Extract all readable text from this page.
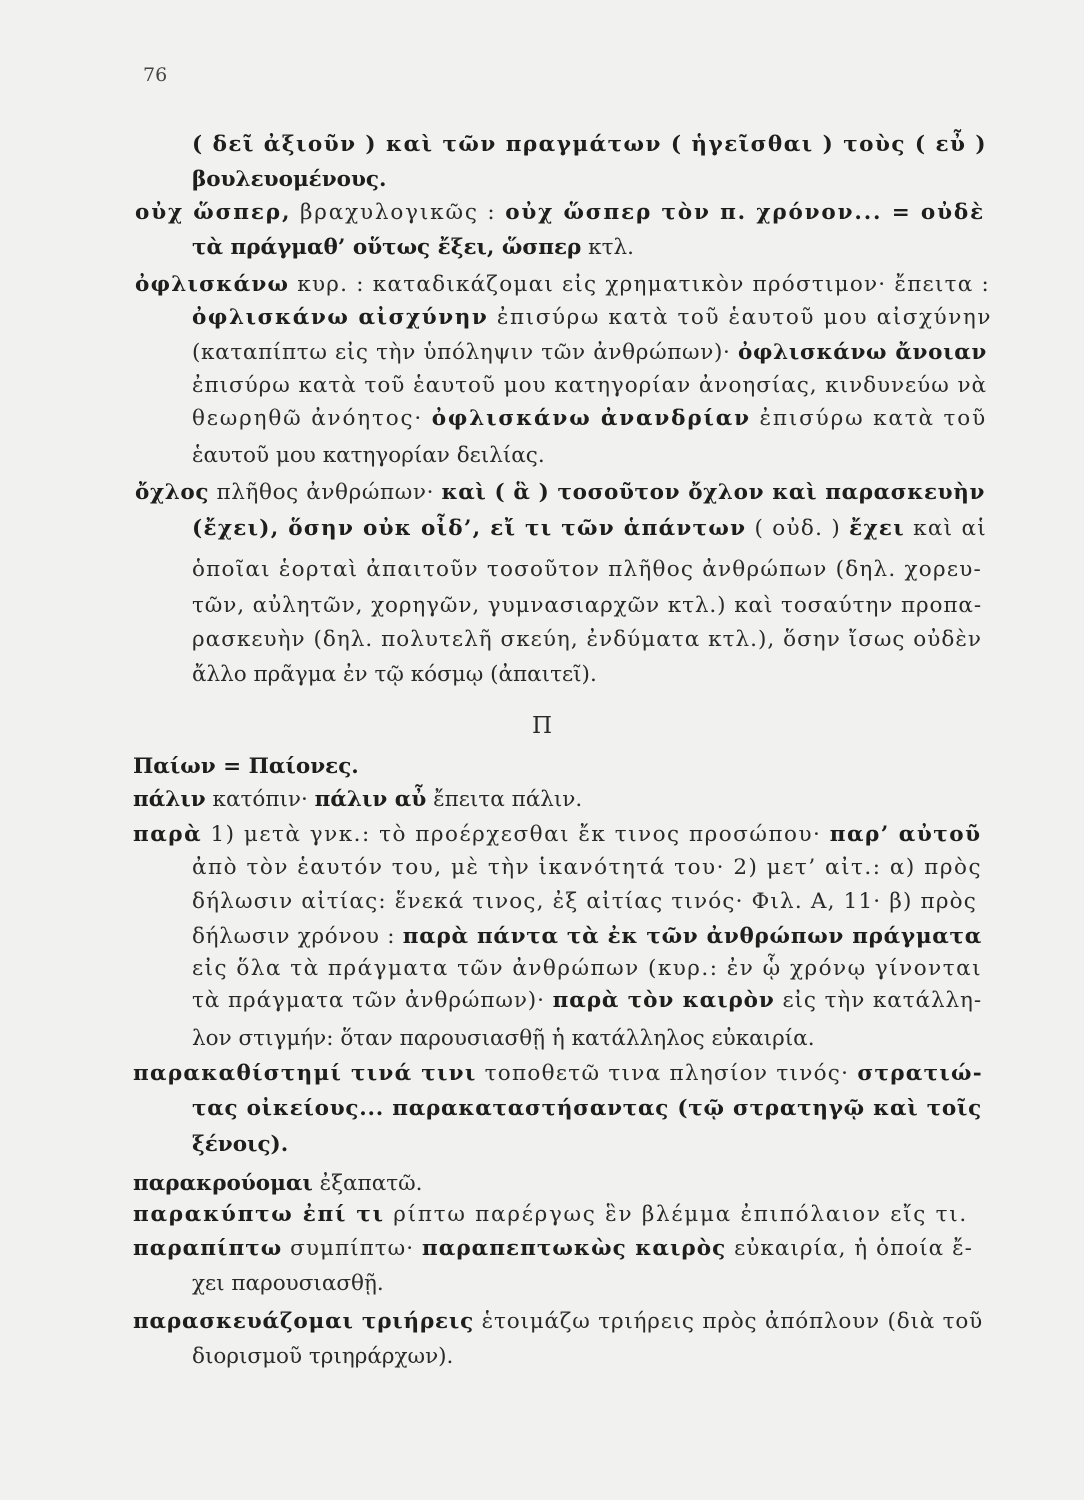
76
( δεῖ ἀξιοῦν ) καὶ τῶν πραγμάτων ( ἡγεῖσθαι ) τοὺς ( εὖ )
βουλευομένους.
οὐχ ὥσπερ, βραχυλογικῶς : οὐχ ὥσπερ τὸν π. χρόνον... = οὐδὲ
τὰ πράγμαθ’ οὕτως ἔξει, ὥσπερ κτλ.
ὀφλισκάνω κυρ. : καταδικάζομαι εἰς χρηματικὸν πρόστιμον· ἔπειτα :
ὀφλισκάνω αἰσχύνην ἐπισύρω κατὰ τοῦ ἑαυτοῦ μου αἰσχύνην
(καταπίπτω εἰς τὴν ὑπόληψιν τῶν ἀνθρώπων)· ὀφλισκάνω ἄνοιαν
ἐπισύρω κατὰ τοῦ ἑαυτοῦ μου κατηγορίαν ἀνοησίας, κινδυνεύω νὰ
θεωρηθῶ ἀνόητος· ὀφλισκάνω ἀνανδρίαν ἐπισύρω κατὰ τοῦ
ἑαυτοῦ μου κατηγορίαν δειλίας.
ὄχλος πλῆθος ἀνθρώπων· καὶ ( ἃ ) τοσοῦτον ὄχλον καὶ παρασκευὴν
(ἔχει), ὅσην οὐκ οἶδ’, εἴ τι τῶν ἁπάντων ( οὐδ. ) ἔχει καὶ αἱ
ὁποῖαι ἑορταὶ ἀπαιτοῦν τοσοῦτον πλῆθος ἀνθρώπων (δηλ. χορευ-
τῶν, αὐλητῶν, χορηγῶν, γυμνασιαρχῶν κτλ.) καὶ τοσαύτην προπα-
ρασκευὴν (δηλ. πολυτελῆ σκεύη, ἐνδύματα κτλ.), ὅσην ἴσως οὐδὲν
ἄλλο πρᾶγμα ἐν τῷ κόσμῳ (ἀπαιτεῖ).
Παίων = Παίονες.
πάλιν κατόπιν· πάλιν αὖ ἔπειτα πάλιν.
παρὰ 1) μετὰ γνκ.: τὸ προέρχεσθαι ἔκ τινος προσώπου· παρ’ αὐτοῦ
ἀπὸ τὸν ἑαυτόν του, μὲ τὴν ἱκανότητά του· 2) μετ’ αἰτ.: α) πρὸς
δήλωσιν αἰτίας: ἕνεκά τινος, ἐξ αἰτίας τινός· Φιλ. Α, 11· β) πρὸς
δήλωσιν χρόνου : παρὰ πάντα τὰ ἐκ τῶν ἀνθρώπων πράγματα
εἰς ὅλα τὰ πράγματα τῶν ἀνθρώπων (κυρ.: ἐν ᾧ χρόνῳ γίνονται
τὰ πράγματα τῶν ἀνθρώπων)· παρὰ τὸν καιρὸν εἰς τὴν κατάλλη-
λον στιγμήν: ὅταν παρουσιασθῇ ἡ κατάλληλος εὐκαιρία.
παρακαθίστημί τινά τινι τοποθετῶ τινα πλησίον τινός· στρατιώ-
τας οἰκείους... παρακαταστήσαντας (τῷ στρατηγῷ καὶ τοῖς
ξένοις).
παρακρούομαι ἐξαπατῶ.
παρακύπτω ἐπί τι ρίπτω παρέργως ἓν βλέμμα ἐπιπόλαιον εἴς τι.
παραπίπτω συμπίπτω· παραπεπτωκὼς καιρὸς εὐκαιρία, ἡ ὁποία ἔ-
χει παρουσιασθῇ.
παρασκευάζομαι τριήρεις ἑτοιμάζω τριήρεις πρὸς ἀπόπλουν (διὰ τοῦ
διορισμοῦ τριηράρχων).
Π
